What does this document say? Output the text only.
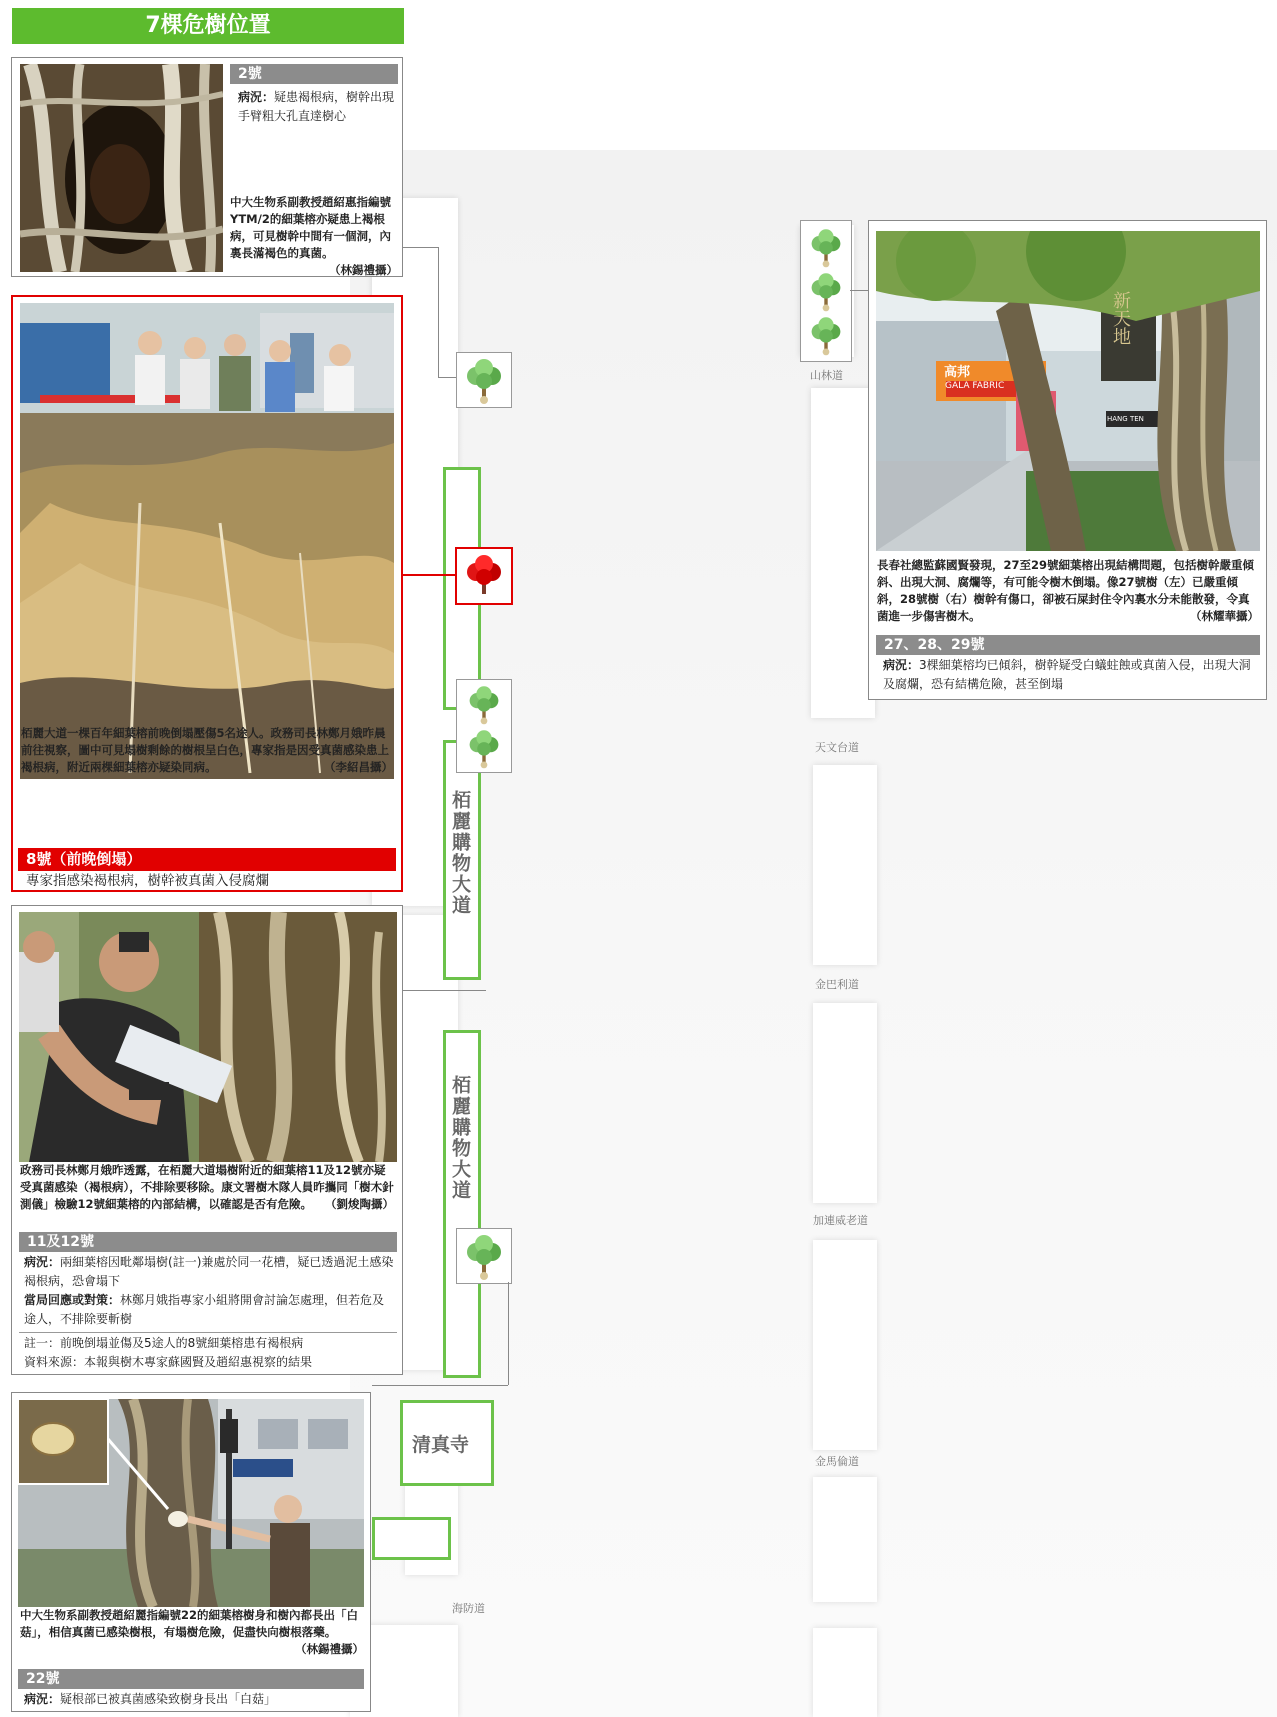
栢麗購物大道
栢麗購物大道
清真寺
海防道
山林道
天文台道
金巴利道
加連威老道
金馬倫道
7棵危樹位置
2號
病況：疑患褐根病，樹幹出現手臂粗大孔直達樹心
中大生物系副教授趙紹惠指編號YTM/2的細葉榕亦疑患上褐根病，可見樹幹中間有一個洞，內裏長滿褐色的真菌。
（林錫禮攝）
栢麗大道一棵百年細葉榕前晚倒塌壓傷5名途人。政務司長林鄭月娥昨晨前往視察，圖中可見塌樹剩餘的樹根呈白色，專家指是因受真菌感染患上褐根病，附近兩棵細葉榕亦疑染同病。	（李紹昌攝）
8號（前晚倒塌）
專家指感染褐根病，樹幹被真菌入侵腐爛
政務司長林鄭月娥昨透露，在栢麗大道塌樹附近的細葉榕11及12號亦疑受真菌感染（褐根病），不排除要移除。康文署樹木隊人員昨攜同「樹木針測儀」檢驗12號細葉榕的內部結構，以確認是否有危險。 （劉焌陶攝）
11及12號
病況：兩細葉榕因毗鄰塌樹(註一)兼處於同一花槽，疑已透過泥土感染褐根病，恐會塌下
當局回應或對策：林鄭月娥指專家小組將開會討論怎處理，但若危及途人，不排除要斬樹
註一：前晚倒塌並傷及5途人的8號細葉榕患有褐根病
資料來源：本報與樹木專家蘇國賢及趙紹惠視察的結果
中大生物系副教授趙紹麗指編號22的細葉榕樹身和樹內都長出「白菇」，相信真菌已感染樹根，有塌樹危險，促盡快向樹根落藥。
（林錫禮攝）
22號
病況：疑根部已被真菌感染致樹身長出「白菇」
高邦
GALA FABRIC
新天地
HANG TEN
長春社總監蘇國賢發現，27至29號細葉榕出現結構問題，包括樹幹嚴重傾斜、出現大洞、腐爛等，有可能令樹木倒塌。像27號樹（左）已嚴重傾斜，28號樹（右）樹幹有傷口，卻被石屎封住令內裏水分未能散發，令真菌進一步傷害樹木。	（林耀華攝）
27、28、29號
病況：3棵細葉榕均已傾斜，樹幹疑受白蟻蛀蝕或真菌入侵，出現大洞及腐爛，恐有結構危險，甚至倒塌
